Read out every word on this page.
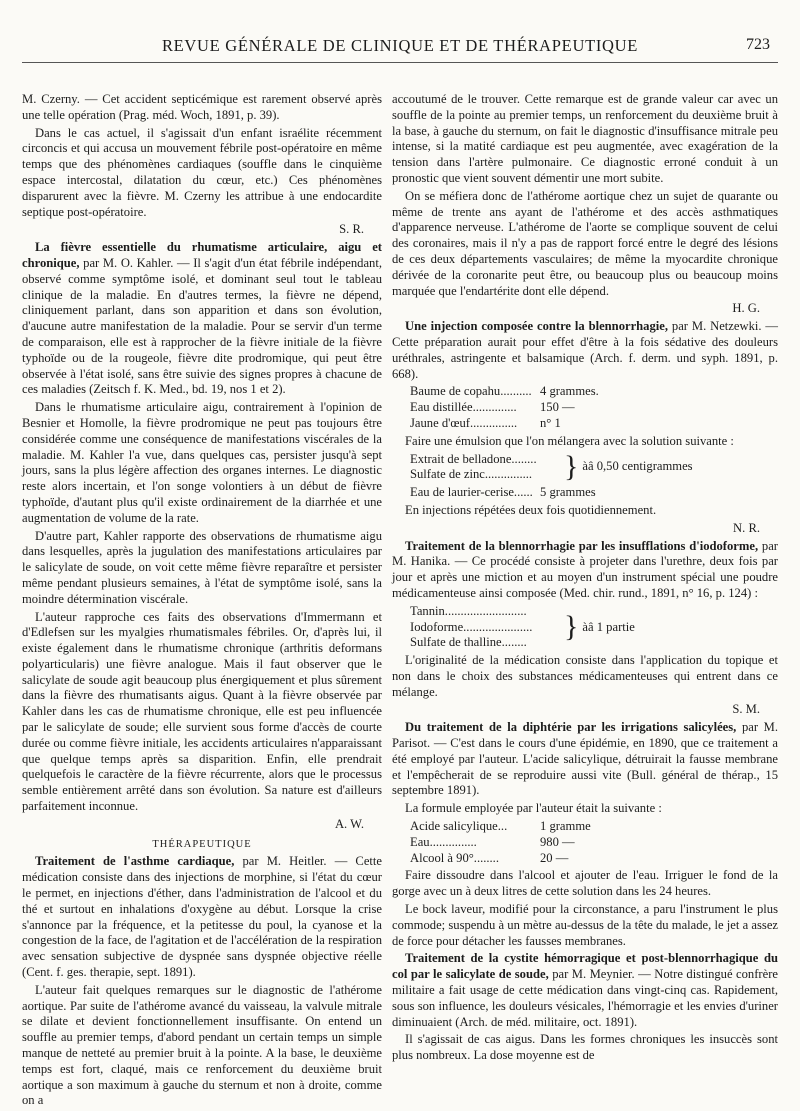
REVUE GÉNÉRALE DE CLINIQUE ET DE THÉRAPEUTIQUE	723

M. Czerny. — Cet accident septicémique est rarement observé après une telle opération (Prag. méd. Woch, 1891, p. 39).

Dans le cas actuel, il s'agissait d'un enfant israélite récemment circoncis et qui accusa un mouvement fébrile post-opératoire en même temps que des phénomènes cardiaques (souffle dans le cinquième espace intercostal, dilatation du cœur, etc.) Ces phénomènes disparurent avec la fièvre. M. Czerny les attribue à une endocardite septique post-opératoire.

S. R.

La fièvre essentielle du rhumatisme articulaire, aigu et chronique, par M. O. Kahler. — Il s'agit d'un état fébrile indépendant, observé comme symptôme isolé, et dominant seul tout le tableau clinique de la maladie. En d'autres termes, la fièvre ne dépend, cliniquement parlant, dans son apparition et dans son évolution, d'aucune autre manifestation de la maladie. Pour se servir d'un terme de comparaison, elle est à rapprocher de la fièvre initiale de la fièvre typhoïde ou de la rougeole, fièvre dite prodromique, qui peut être observée à l'état isolé, sans être suivie des signes propres à chacune de ces maladies (Zeitsch f. K. Med., bd. 19, nos 1 et 2).

Dans le rhumatisme articulaire aigu, contrairement à l'opinion de Besnier et Homolle, la fièvre prodromique ne peut pas toujours être considérée comme une conséquence de manifestations viscérales de la maladie. M. Kahler l'a vue, dans quelques cas, persister jusqu'à sept jours, sans la plus légère affection des organes internes. Le diagnostic reste alors incertain, et l'on songe volontiers à un début de fièvre typhoïde, d'autant plus qu'il existe ordinairement de la diarrhée et une augmentation de volume de la rate.

D'autre part, Kahler rapporte des observations de rhumatisme aigu dans lesquelles, après la jugulation des manifestations articulaires par le salicylate de soude, on voit cette même fièvre reparaître et persister même pendant plusieurs semaines, à l'état de symptôme isolé, sans la moindre détermination viscérale.

L'auteur rapproche ces faits des observations d'Immermann et d'Edlefsen sur les myalgies rhumatismales fébriles. Or, d'après lui, il existe également dans le rhumatisme chronique (arthritis deformans polyarticularis) une fièvre analogue. Mais il faut observer que le salicylate de soude agit beaucoup plus énergiquement et plus sûrement dans la fièvre des rhumatisants aigus. Quant à la fièvre observée par Kahler dans les cas de rhumatisme chronique, elle est peu influencée par le salicylate de soude; elle survient sous forme d'accès de courte durée ou comme fièvre initiale, les accidents articulaires n'apparaissant que quelque temps après sa disparition. Enfin, elle prendrait quelquefois le caractère de la fièvre récurrente, alors que le processus semble entièrement arrêté dans son évolution. Sa nature est d'ailleurs parfaitement inconnue.

A. W.
THÉRAPEUTIQUE

Traitement de l'asthme cardiaque, par M. Heitler. — Cette médication consiste dans des injections de morphine, si l'état du cœur le permet, en injections d'éther, dans l'administration de l'alcool et du thé et surtout en inhalations d'oxygène au début. Lorsque la crise s'annonce par la fréquence, et la petitesse du poul, la cyanose et la congestion de la face, de l'agitation et de l'accélération de la respiration avec sensation subjective de dyspnée sans dyspnée objective réelle (Cent. f. ges. therapie, sept. 1891).

L'auteur fait quelques remarques sur le diagnostic de l'athérome aortique. Par suite de l'athérome avancé du vaisseau, la valvule mitrale se dilate et devient fonctionnellement insuffisante. On entend un souffle au premier temps, d'abord pendant un certain temps un simple manque de netteté au premier bruit à la pointe. A la base, le deuxième temps est fort, claqué, mais ce renforcement du deuxième bruit aortique a son maximum à gauche du sternum et non à droite, comme on a

accoutumé de le trouver. Cette remarque est de grande valeur car avec un souffle de la pointe au premier temps, un renforcement du deuxième bruit à la base, à gauche du sternum, on fait le diagnostic d'insuffisance mitrale peu intense, si la matité cardiaque est peu augmentée, avec exagération de la tension dans l'artère pulmonaire. Ce diagnostic erroné conduit à un pronostic que vient souvent démentir une mort subite.

On se méfiera donc de l'athérome aortique chez un sujet de quarante ou même de trente ans ayant de l'athérome et des accès asthmatiques d'apparence nerveuse. L'athérome de l'aorte se complique souvent de celui des coronaires, mais il n'y a pas de rapport forcé entre le degré des lésions de ces deux départements vasculaires; de même la myocardite chronique dérivée de la coronarite peut être, ou beaucoup plus ou beaucoup moins marquée que l'endartérite dont elle dépend.

H. G.

Une injection composée contre la blennorrhagie, par M. Netzewki. — Cette préparation aurait pour effet d'être à la fois sédative des douleurs uréthrales, astringente et balsamique (Arch. f. derm. und syph. 1891, p. 668).

Baume de copahu.......... 4 grammes.
Eau distillée..............	150 —
Jaune d'œuf...............	n° 1

Faire une émulsion que l'on mélangera avec la solution suivante :

Extrait de belladone........
Sulfate de zinc...............	} àâ 0,50 centigrammes
Eau de laurier-cerise...... 5 grammes

En injections répétées deux fois quotidiennement.

N. R.

Traitement de la blennorrhagie par les insufflations d'iodoforme, par M. Hanika. — Ce procédé consiste à projeter dans l'urethre, deux fois par jour et après une miction et au moyen d'un instrument spécial une poudre médicamenteuse ainsi composée (Med. chir. rund., 1891, n° 16, p. 124) :

Tannin..........................
Iodoforme......................
Sulfate de thalline........	} àâ 1 partie

L'originalité de la médication consiste dans l'application du topique et non dans le choix des substances médicamenteuses qui entrent dans ce mélange.

S. M.

Du traitement de la diphtérie par les irrigations salicylées, par M. Parisot. — C'est dans le cours d'une épidémie, en 1890, que ce traitement a été employé par l'auteur. L'acide salicylique, détruirait la fausse membrane et l'empêcherait de se reproduire aussi vite (Bull. général de thérap., 15 septembre 1891).

La formule employée par l'auteur était la suivante :

Acide salicylique...	1 gramme
Eau...............	980 —
Alcool à 90°........	20 —

Faire dissoudre dans l'alcool et ajouter de l'eau. Irriguer le fond de la gorge avec un à deux litres de cette solution dans les 24 heures.

Le bock laveur, modifié pour la circonstance, a paru l'instrument le plus commode; suspendu à un mètre au-dessus de la tête du malade, le jet a assez de force pour détacher les fausses membranes.

Traitement de la cystite hémorragique et post-blennorrhagique du col par le salicylate de soude, par M. Meynier. — Notre distingué confrère militaire a fait usage de cette médication dans vingt-cinq cas. Rapidement, sous son influence, les douleurs vésicales, l'hémorragie et les envies d'uriner diminuaient (Arch. de méd. militaire, oct. 1891).

Il s'agissait de cas aigus. Dans les formes chroniques les insuccès sont plus nombreux. La dose moyenne est de
